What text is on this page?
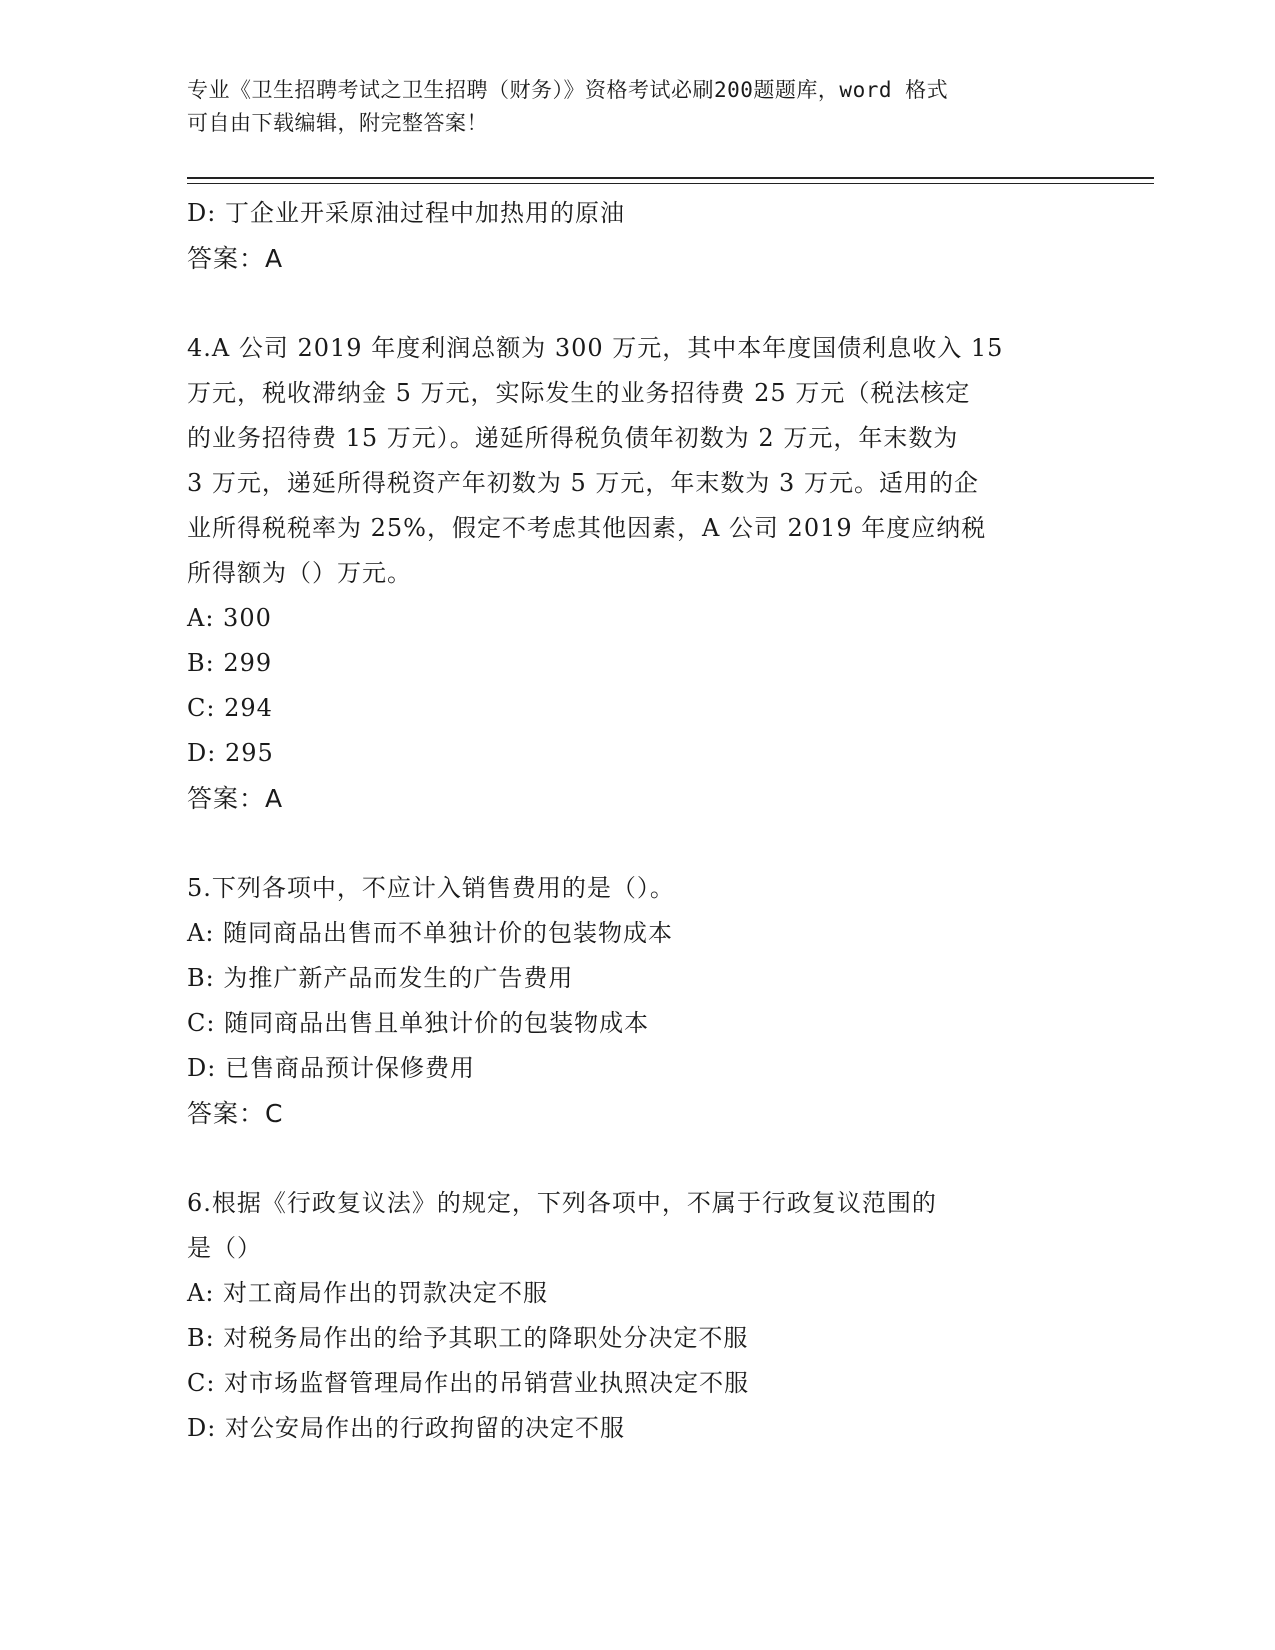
专业《卫生招聘考试之卫生招聘（财务）》资格考试必刷200题题库，word 格式
可自由下载编辑，附完整答案！
D: 丁企业开采原油过程中加热用的原油
答案：A
4.A 公司 2019 年度利润总额为 300 万元，其中本年度国债利息收入 15
万元，税收滞纳金 5 万元，实际发生的业务招待费 25 万元（税法核定
的业务招待费 15 万元）。递延所得税负债年初数为 2 万元，年末数为
3 万元，递延所得税资产年初数为 5 万元，年末数为 3 万元。适用的企
业所得税税率为 25%，假定不考虑其他因素，A 公司 2019 年度应纳税
所得额为（）万元。
A: 300
B: 299
C: 294
D: 295
答案：A
5.下列各项中，不应计入销售费用的是（）。
A: 随同商品出售而不单独计价的包装物成本
B: 为推广新产品而发生的广告费用
C: 随同商品出售且单独计价的包装物成本
D: 已售商品预计保修费用
答案：C
6.根据《行政复议法》的规定，下列各项中，不属于行政复议范围的
是（）
A: 对工商局作出的罚款决定不服
B: 对税务局作出的给予其职工的降职处分决定不服
C: 对市场监督管理局作出的吊销营业执照决定不服
D: 对公安局作出的行政拘留的决定不服
